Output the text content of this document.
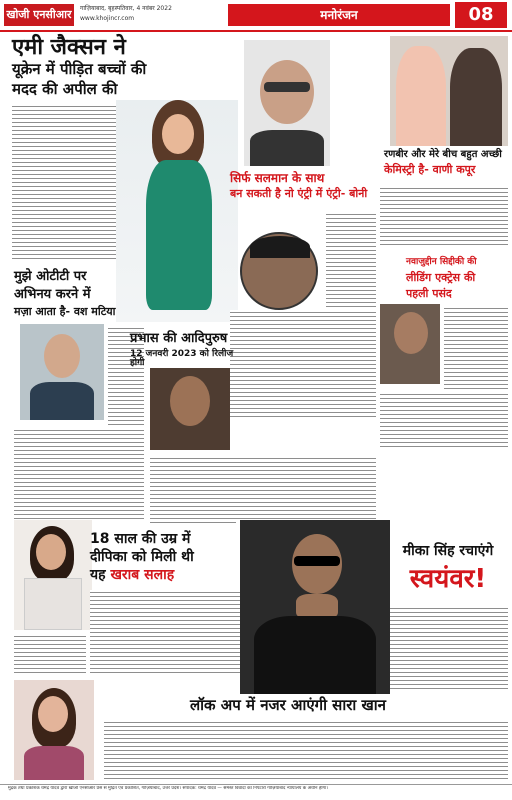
खोजी एनसीआर	गाज़ियाबाद, बृहस्पतिवार, 4 नवंबर 2022
www.khojincr.com	मनोरंजन	08
एमी जैक्सन ने
यूक्रेन में पीड़ित बच्चों की
मदद की अपील की
सिर्फ सलमान के साथ
बन सकती है नो एंट्री में एंट्री- बोनी
रणबीर और मेरे बीच बहुत अच्छी
केमिस्ट्री है- वाणी कपूर
नवाजुद्दीन सिद्दीकी की
लीडिंग एक्ट्रेस की
पहली पसंद
मुझे ओटीटी पर
अभिनय करने में
मज़ा आता है- वश मटिया
प्रभास की आदिपुरुष
12 जनवरी 2023 को रिलीज होगी
18 साल की उम्र में
दीपिका को मिली थी
यह खराब सलाह
मीका सिंह रचाएंगे
स्वयंवर!
लॉक अप में नजर आएंगी सारा खान
मुद्रक तथा प्रकाशक धर्मेंद्र यादव द्वारा खोजी एनसीआर प्रेस से मुद्रित एवं प्रकाशित, गाज़ियाबाद, उत्तर प्रदेश। संपादक: धर्मेंद्र यादव — समस्त विवादों का निपटारा गाज़ियाबाद न्यायालय के अधीन होगा।
